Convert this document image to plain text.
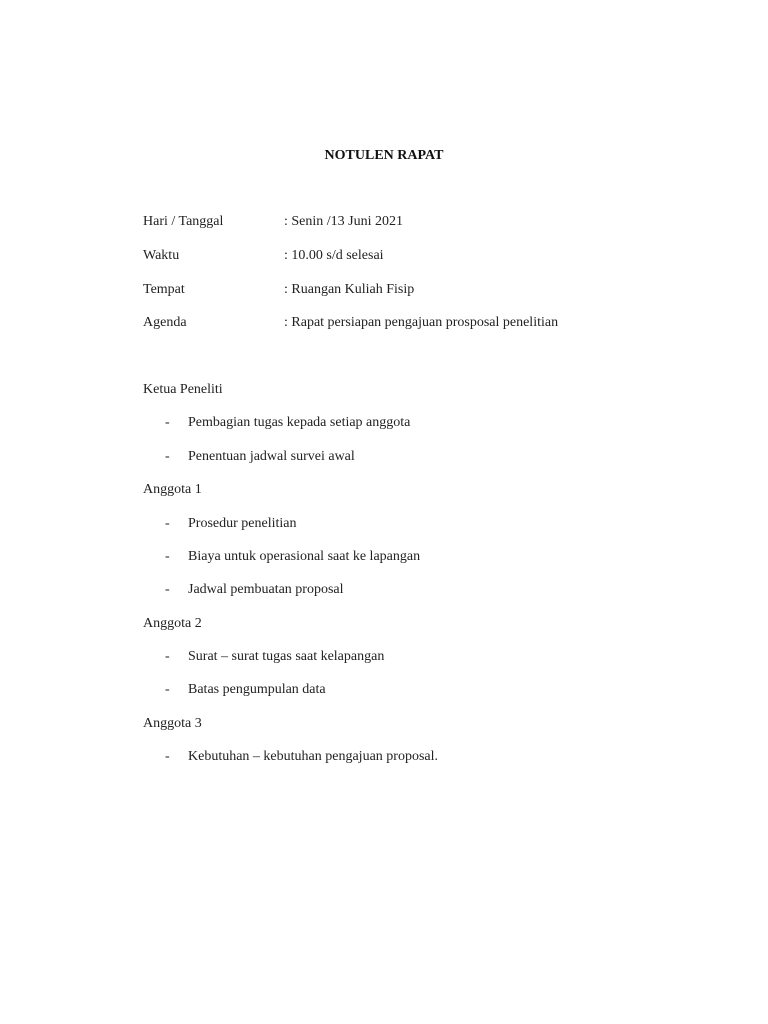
NOTULEN RAPAT
Hari / Tanggal	: Senin /13 Juni 2021
Waktu	: 10.00 s/d selesai
Tempat	: Ruangan Kuliah Fisip
Agenda	: Rapat persiapan pengajuan prosposal penelitian
Ketua Peneliti
- Pembagian tugas kepada setiap anggota
- Penentuan jadwal survei awal
Anggota 1
- Prosedur penelitian
- Biaya untuk operasional saat ke lapangan
- Jadwal pembuatan proposal
Anggota 2
- Surat – surat tugas saat kelapangan
- Batas pengumpulan data
Anggota 3
- Kebutuhan – kebutuhan pengajuan proposal.
